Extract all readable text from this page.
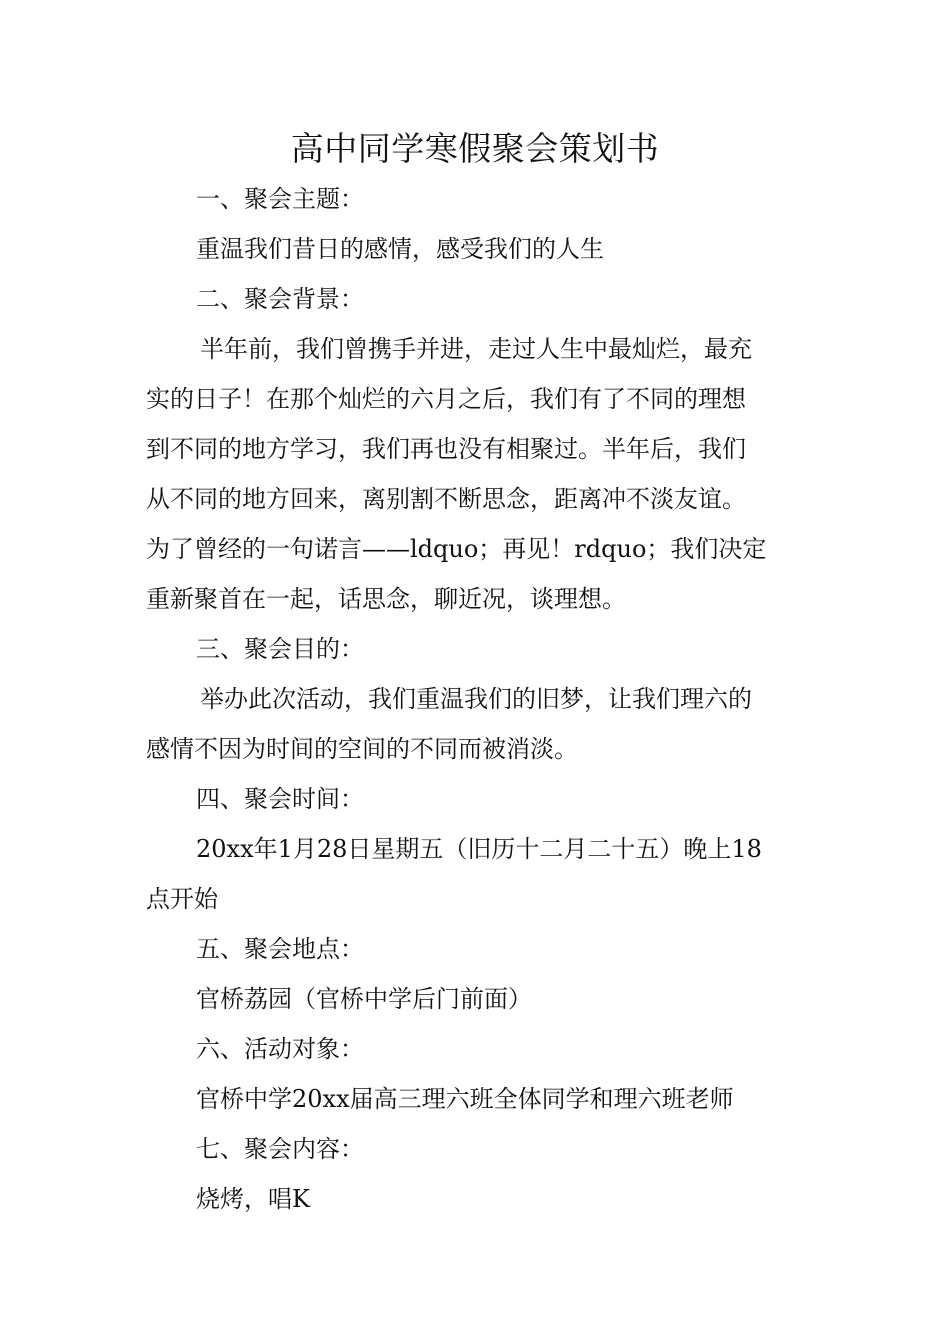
高中同学寒假聚会策划书

一、聚会主题：

重温我们昔日的感情，感受我们的人生

二、聚会背景：

半年前，我们曾携手并进，走过人生中最灿烂，最充

实的日子！在那个灿烂的六月之后，我们有了不同的理想

到不同的地方学习，我们再也没有相聚过。半年后，我们

从不同的地方回来，离别割不断思念，距离冲不淡友谊。

为了曾经的一句诺言——ldquo；再见！rdquo；我们决定

重新聚首在一起，话思念，聊近况，谈理想。

三、聚会目的：

举办此次活动，我们重温我们的旧梦，让我们理六的

感情不因为时间的空间的不同而被消淡。

四、聚会时间：

20xx年1月28日星期五（旧历十二月二十五）晚上18

点开始

五、聚会地点：

官桥荔园（官桥中学后门前面）

六、活动对象：

官桥中学20xx届高三理六班全体同学和理六班老师

七、聚会内容：

烧烤，唱K
